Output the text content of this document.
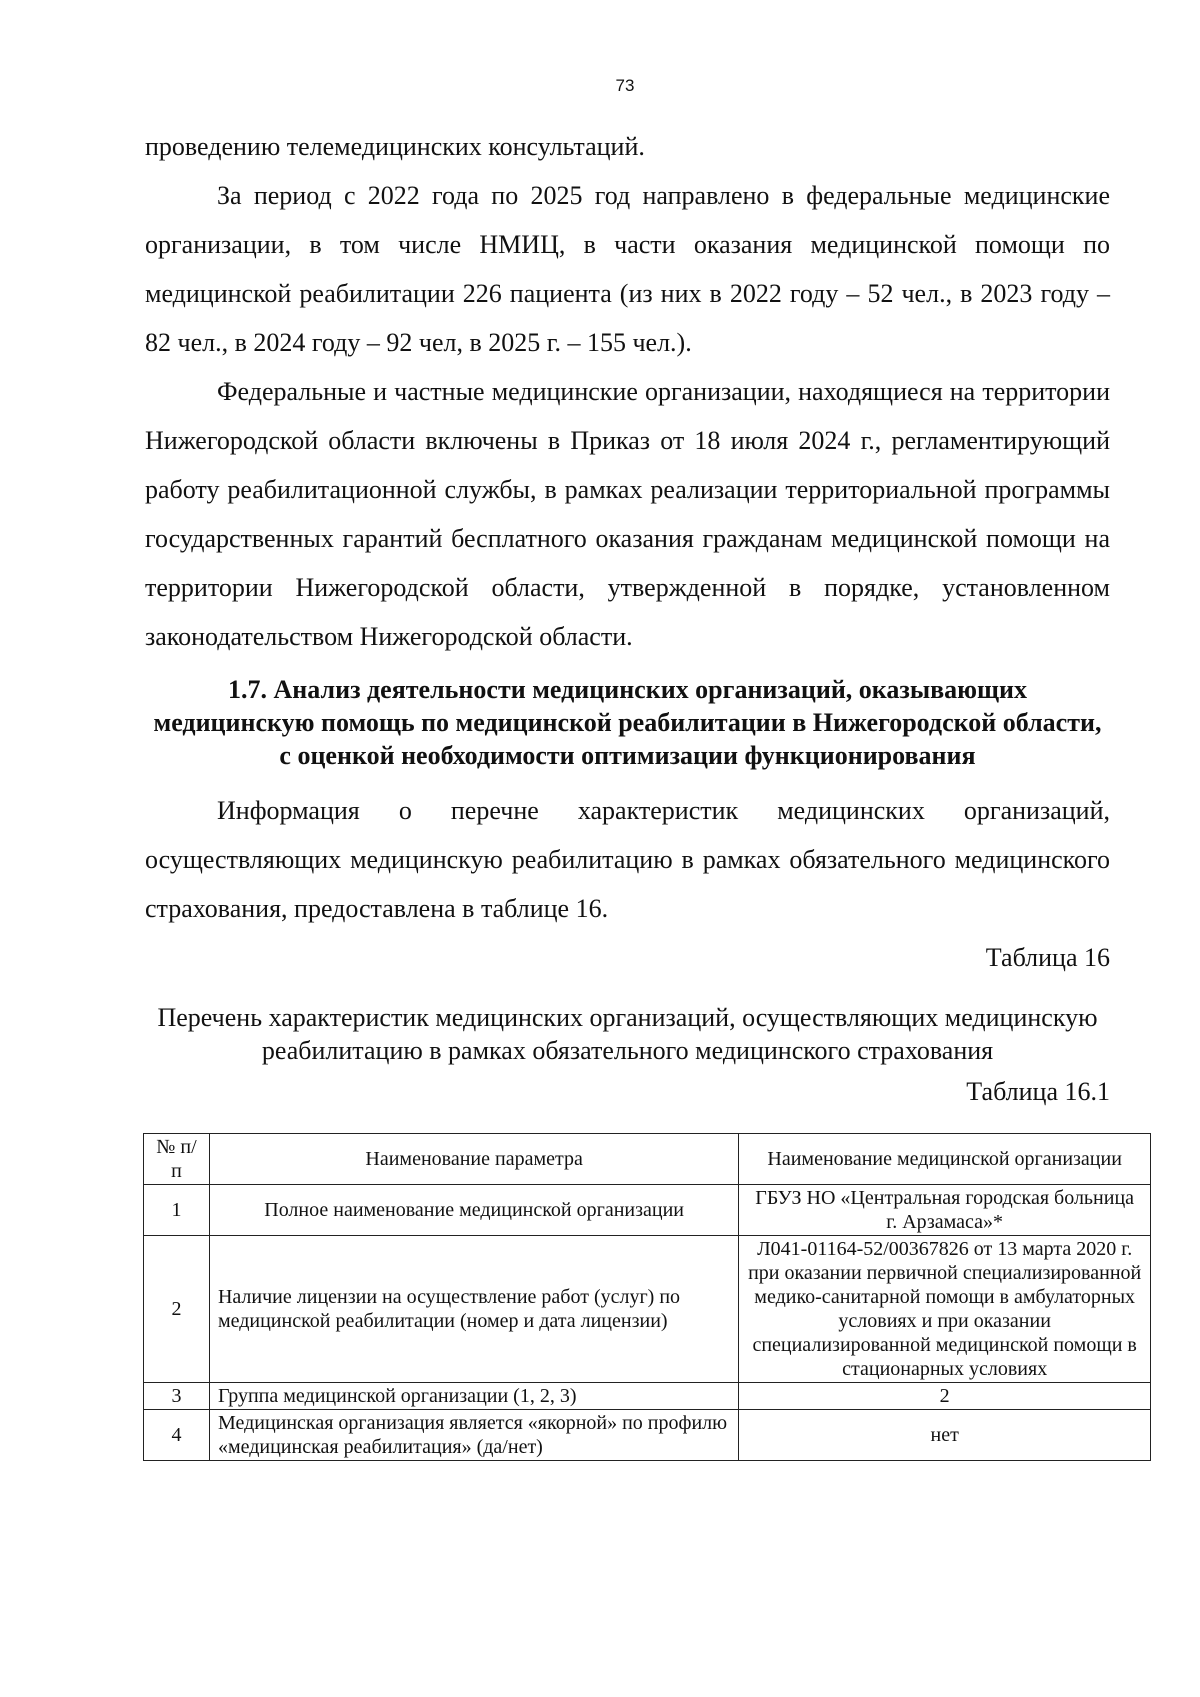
73

проведению телемедицинских консультаций.

За период с 2022 года по 2025 год направлено в федеральные медицинские организации, в том числе НМИЦ, в части оказания медицинской помощи по медицинской реабилитации 226 пациента (из них в 2022 году – 52 чел., в 2023 году – 82 чел., в 2024 году – 92 чел, в 2025 г. – 155 чел.).

Федеральные и частные медицинские организации, находящиеся на территории Нижегородской области включены в Приказ от 18 июля 2024 г., регламентирующий работу реабилитационной службы, в рамках реализации территориальной программы государственных гарантий бесплатного оказания гражданам медицинской помощи на территории Нижегородской области, утвержденной в порядке, установленном законодательством Нижегородской области.

1.7. Анализ деятельности медицинских организаций, оказывающих медицинскую помощь по медицинской реабилитации в Нижегородской области, с оценкой необходимости оптимизации функционирования

Информация о перечне характеристик медицинских организаций, осуществляющих медицинскую реабилитацию в рамках обязательного медицинского страхования, предоставлена в таблице 16.

Таблица 16

Перечень характеристик медицинских организаций, осуществляющих медицинскую реабилитацию в рамках обязательного медицинского страхования

Таблица 16.1

№ п/п	Наименование параметра	Наименование медицинской организации
1	Полное наименование медицинской организации	ГБУЗ НО «Центральная городская больница г. Арзамаса»*
2	Наличие лицензии на осуществление работ (услуг) по медицинской реабилитации (номер и дата лицензии)	Л041-01164-52/00367826 от 13 марта 2020 г. при оказании первичной специализированной медико-санитарной помощи в амбулаторных условиях и при оказании специализированной медицинской помощи в стационарных условиях
3	Группа медицинской организации (1, 2, 3)	2
4	Медицинская организация является «якорной» по профилю «медицинская реабилитация» (да/нет)	нет
